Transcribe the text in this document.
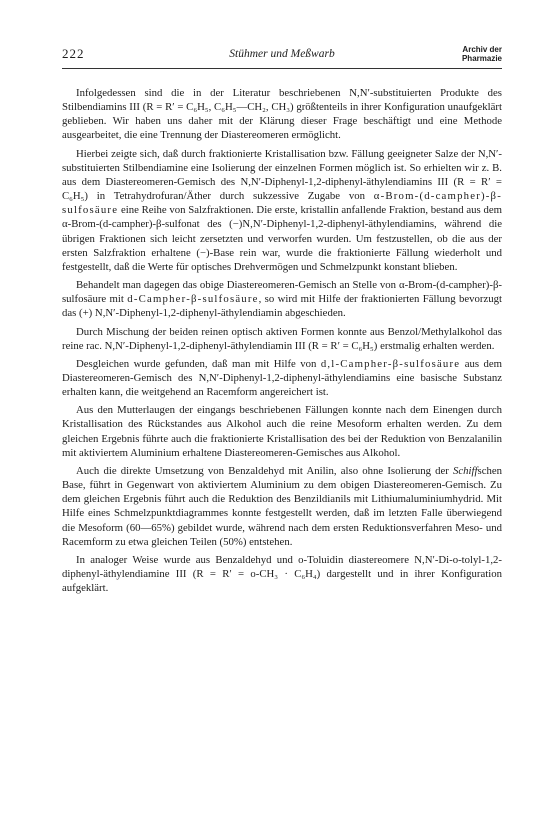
222	Stühmer und Meßwarb	Archiv der
Pharmazie

Infolgedessen sind die in der Literatur beschriebenen N,N′-substituierten Produkte des Stilbendiamins III (R = R′ = C₆H₅, C₆H₅—CH₂, CH₃) größtenteils in ihrer Konfiguration unaufgeklärt geblieben. Wir haben uns daher mit der Klärung dieser Frage beschäftigt und eine Methode ausgearbeitet, die eine Trennung der Diastereomeren ermöglicht.

Hierbei zeigte sich, daß durch fraktionierte Kristallisation bzw. Fällung geeigneter Salze der N,N′-substituierten Stilbendiamine eine Isolierung der einzelnen Formen möglich ist. So erhielten wir z. B. aus dem Diastereomeren-Gemisch des N,N′-Diphenyl-1,2-diphenyl-äthylendiamins III (R = R′ = C₆H₅) in Tetrahydrofuran/Äther durch sukzessive Zugabe von α-Brom-(d-campher)-β-sulfosäure eine Reihe von Salzfraktionen. Die erste, kristallin anfallende Fraktion, bestand aus dem α-Brom-(d-campher)-β-sulfonat des (−)N,N′-Diphenyl-1,2-diphenyl-äthylendiamins, während die übrigen Fraktionen sich leicht zersetzten und verworfen wurden. Um festzustellen, ob die aus der ersten Salzfraktion erhaltene (−)-Base rein war, wurde die fraktionierte Fällung wiederholt und festgestellt, daß die Werte für optisches Drehvermögen und Schmelzpunkt konstant blieben.

Behandelt man dagegen das obige Diastereomeren-Gemisch an Stelle von α-Brom-(d-campher)-β-sulfosäure mit d-Campher-β-sulfosäure, so wird mit Hilfe der fraktionierten Fällung bevorzugt das (+) N,N′-Diphenyl-1,2-diphenyl-äthylendiamin abgeschieden.

Durch Mischung der beiden reinen optisch aktiven Formen konnte aus Benzol/Methylalkohol das reine rac. N,N′-Diphenyl-1,2-diphenyl-äthylendiamin III (R = R′ = C₆H₅) erstmalig erhalten werden.

Desgleichen wurde gefunden, daß man mit Hilfe von d,l-Campher-β-sulfosäure aus dem Diastereomeren-Gemisch des N,N′-Diphenyl-1,2-diphenyl-äthylendiamins eine basische Substanz erhalten kann, die weitgehend an Racemform angereichert ist.

Aus den Mutterlaugen der eingangs beschriebenen Fällungen konnte nach dem Einengen durch Kristallisation des Rückstandes aus Alkohol auch die reine Mesoform erhalten werden. Zu dem gleichen Ergebnis führte auch die fraktionierte Kristallisation des bei der Reduktion von Benzalanilin mit aktiviertem Aluminium erhaltene Diastereomeren-Gemisches aus Alkohol.

Auch die direkte Umsetzung von Benzaldehyd mit Anilin, also ohne Isolierung der Schiffschen Base, führt in Gegenwart von aktiviertem Aluminium zu dem obigen Diastereomeren-Gemisch. Zu dem gleichen Ergebnis führt auch die Reduktion des Benzildianils mit Lithiumaluminiumhydrid. Mit Hilfe eines Schmelzpunktdiagrammes konnte festgestellt werden, daß im letzten Falle überwiegend die Mesoform (60—65%) gebildet wurde, während nach dem ersten Reduktionsverfahren Meso- und Racemform zu etwa gleichen Teilen (50%) entstehen.

In analoger Weise wurde aus Benzaldehyd und o-Toluidin diastereomere N,N′-Di-o-tolyl-1,2-diphenyl-äthylendiamine III (R = R′ = o-CH₃ · C₆H₄) dargestellt und in ihrer Konfiguration aufgeklärt.
